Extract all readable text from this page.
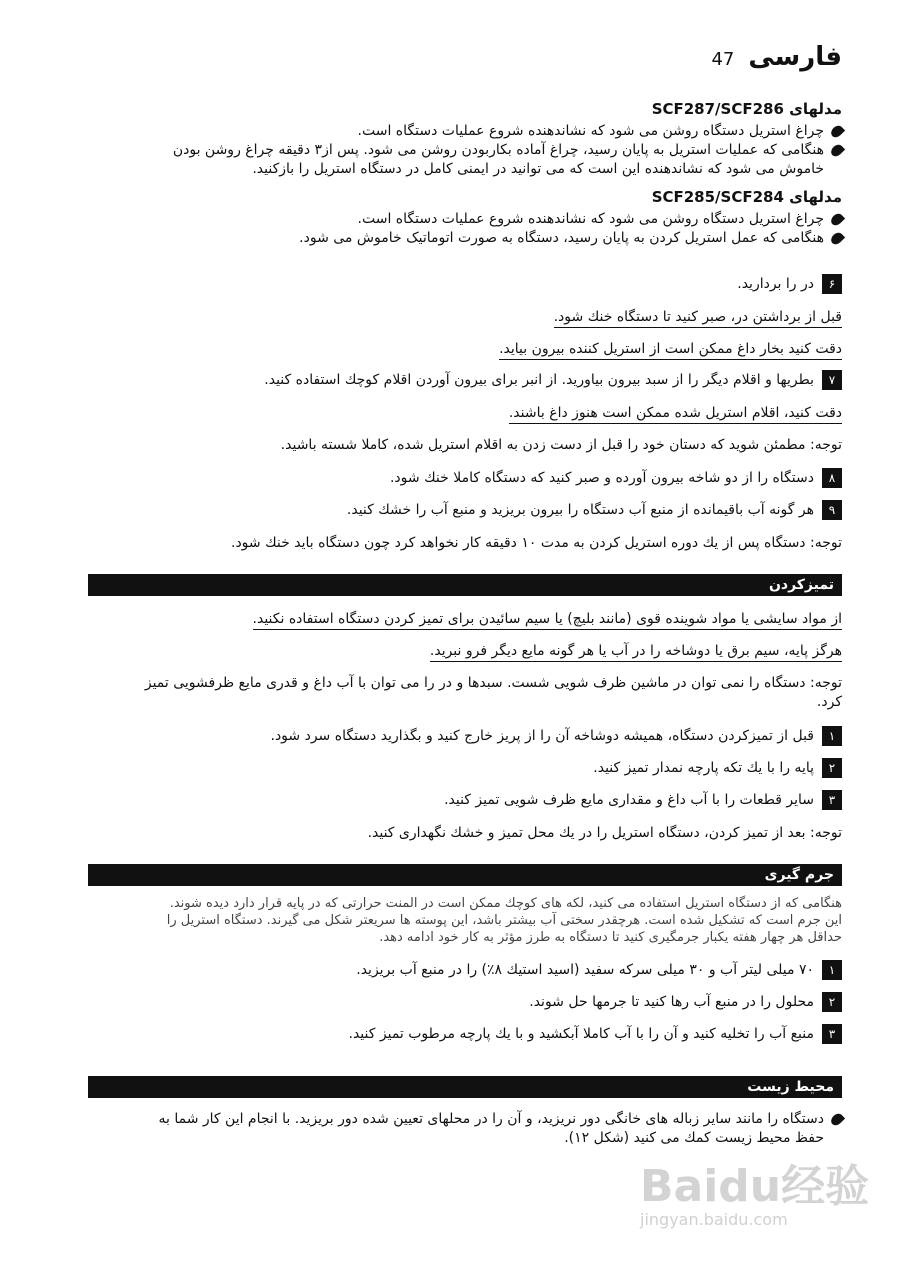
فارسی
47
مدلهای SCF287/SCF286
چراغ استریل دستگاه روشن می شود که نشاندهنده شروع عملیات دستگاه است.
هنگامی که عملیات استریل به پایان رسید، چراغ آماده بکاربودن روشن می شود. پس از۳ دقیقه چراغ روشن بودن
خاموش می شود که نشاندهنده این است که می توانید در ایمنی کامل در دستگاه استریل را بازکنید.
مدلهای SCF285/SCF284
چراغ استریل دستگاه روشن می شود که نشاندهنده شروع عملیات دستگاه است.
هنگامی که عمل استریل کردن به پایان رسید، دستگاه به صورت اتوماتیک خاموش می شود.
۶
در را بردارید.
قبل از برداشتن در، صبر کنید تا دستگاه خنك شود.
دقت کنید بخار داغ ممکن است از استریل کننده بیرون بیاید.
۷
بطریها و اقلام دیگر را از سبد بیرون بیاورید. از انبر برای بیرون آوردن اقلام کوچك استفاده کنید.
دقت کنید، اقلام استریل شده ممکن است هنوز داغ باشند.
توجه: مطمئن شوید که دستان خود را قبل از دست زدن به اقلام استریل شده، کاملا شسته باشید.
۸
دستگاه را از دو شاخه بیرون آورده و صبر کنید که دستگاه کاملا خنك شود.
۹
هر گونه آب باقیمانده از منبع آب دستگاه را بیرون بریزید و منبع آب را خشك کنید.
توجه: دستگاه پس از یك دوره استریل کردن به مدت ۱۰ دقیقه کار نخواهد کرد چون دستگاه باید خنك شود.
تمیزکردن
از مواد سایشی یا مواد شوینده قوی (مانند بلیچ) یا سیم سائیدن برای تمیز کردن دستگاه استفاده نکنید.
هرگز پایه، سیم برق یا دوشاخه را در آب یا هر گونه مایع دیگر فرو نبرید.
توجه: دستگاه را نمی توان در ماشین ظرف شویی شست. سبدها و در را می توان با آب داغ و قدری مایع ظرفشویی تمیز
کرد.
۱
قبل از تمیزکردن دستگاه، همیشه دوشاخه آن را از پریز خارج کنید و بگذارید دستگاه سرد شود.
۲
پایه را با یك تکه پارچه نمدار تمیز کنید.
۳
سایر قطعات را با آب داغ و مقداری مایع ظرف شویی تمیز کنید.
توجه: بعد از تمیز کردن، دستگاه استریل را در یك محل تمیز و خشك نگهداری کنید.
جرم گیری
هنگامی که از دستگاه استریل استفاده می کنید، لکه های کوچك ممکن است در المنت حرارتی که در پایه قرار دارد دیده شوند.
این جرم است که تشکیل شده است. هرچقدر سختی آب بیشتر باشد، این پوسته ها سریعتر شکل می گیرند. دستگاه استریل را
حداقل هر چهار هفته یکبار جرمگیری کنید تا دستگاه به طرز مؤثر به کار خود ادامه دهد.
۱
۷۰ میلی لیتر آب و ۳۰ میلی سرکه سفید (اسید استیك ۸٪) را در منبع آب بریزید.
۲
محلول را در منبع آب رها کنید تا جرمها حل شوند.
۳
منبع آب را تخلیه کنید و آن را با آب کاملا آبکشید و با یك پارچه مرطوب تمیز کنید.
محیط زیست
دستگاه را مانند سایر زباله های خانگی دور نریزید، و آن را در محلهای تعیین شده دور بریزید. با انجام این کار شما به
حفظ محیط زیست کمك می کنید (شکل ۱۲).
Baidu经验
jingyan.baidu.com
